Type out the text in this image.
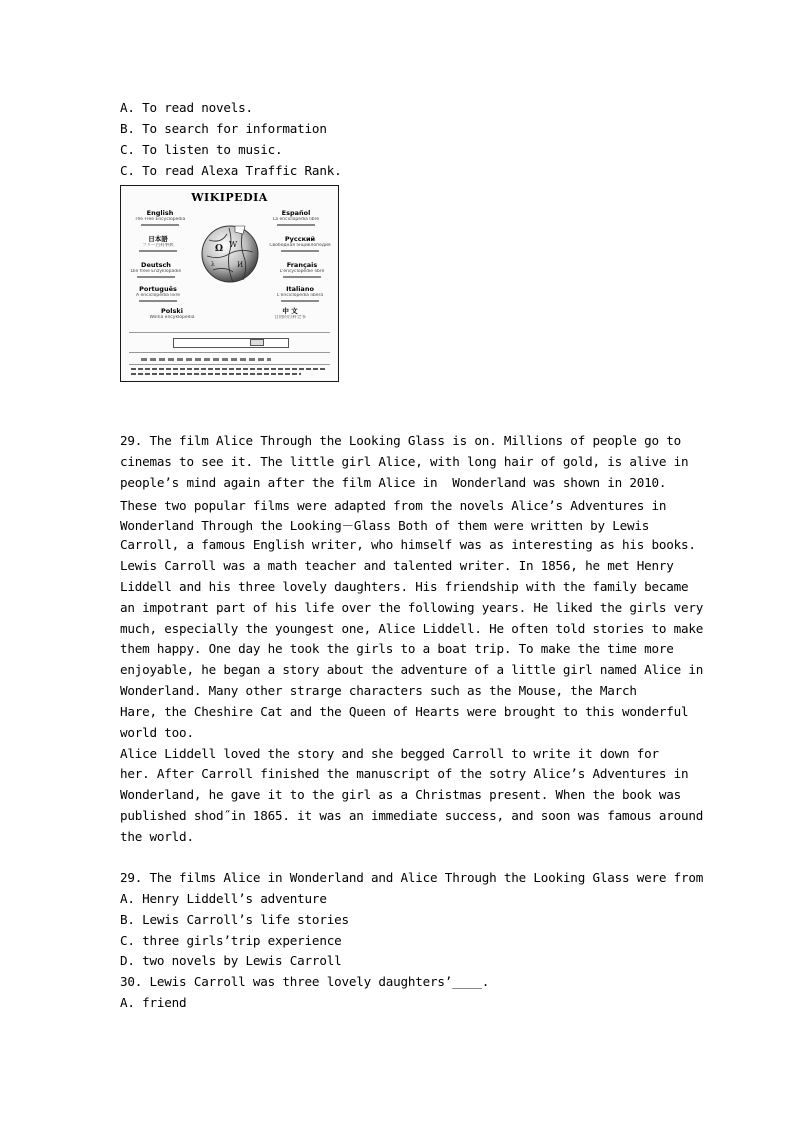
A. To read novels.
B. To search for information
C. To listen to music.
C. To read Alexa Traffic Rank.
WIKIPEDIA
English
The Free Encyclopedia
日本語
フリー百科事典
Deutsch
Die freie Enzyklopädie
Português
A enciclopédia livre
Polski
Wolna encyklopedia
Español
La enciclopedia libre
Русский
Свободная энциклопедия
Français
L'encyclopédie libre
Italiano
L'enciclopedia libera
中 文
自由的百科全书
Ω W
И
λ
29. The film Alice Through the Looking Glass is on. Millions of people go to
cinemas to see it. The little girl Alice, with long hair of gold, is alive in
people’s mind again after the film Alice in  Wonderland was shown in 2010.
These two popular films were adapted from the novels Alice’s Adventures in
Wonderland Through the Looking－Glass Both of them were written by Lewis
Carroll, a famous English writer, who himself was as interesting as his books.
Lewis Carroll was a math teacher and talented writer. In 1856, he met Henry
Liddell and his three lovely daughters. His friendship with the family became
an impotrant part of his life over the following years. He liked the girls very
much, especially the youngest one, Alice Liddell. He often told stories to make
them happy. One day he took the girls to a boat trip. To make the time more
enjoyable, he began a story about the adventure of a little girl named Alice in
Wonderland. Many other strarge characters such as the Mouse, the March
Hare, the Cheshire Cat and the Queen of Hearts were brought to this wonderful
world too.
Alice Liddell loved the story and she begged Carroll to write it down for
her. After Carroll finished the manuscript of the sotry Alice’s Adventures in
Wonderland, he gave it to the girl as a Christmas present. When the book was
published shod˝in 1865. it was an immediate success, and soon was famous around
the world.
29. The films Alice in Wonderland and Alice Through the Looking Glass were from
A. Henry Liddell’s adventure
B. Lewis Carroll’s life stories
C. three girls’trip experience
D. two novels by Lewis Carroll
30. Lewis Carroll was three lovely daughters’____.
A. friend
